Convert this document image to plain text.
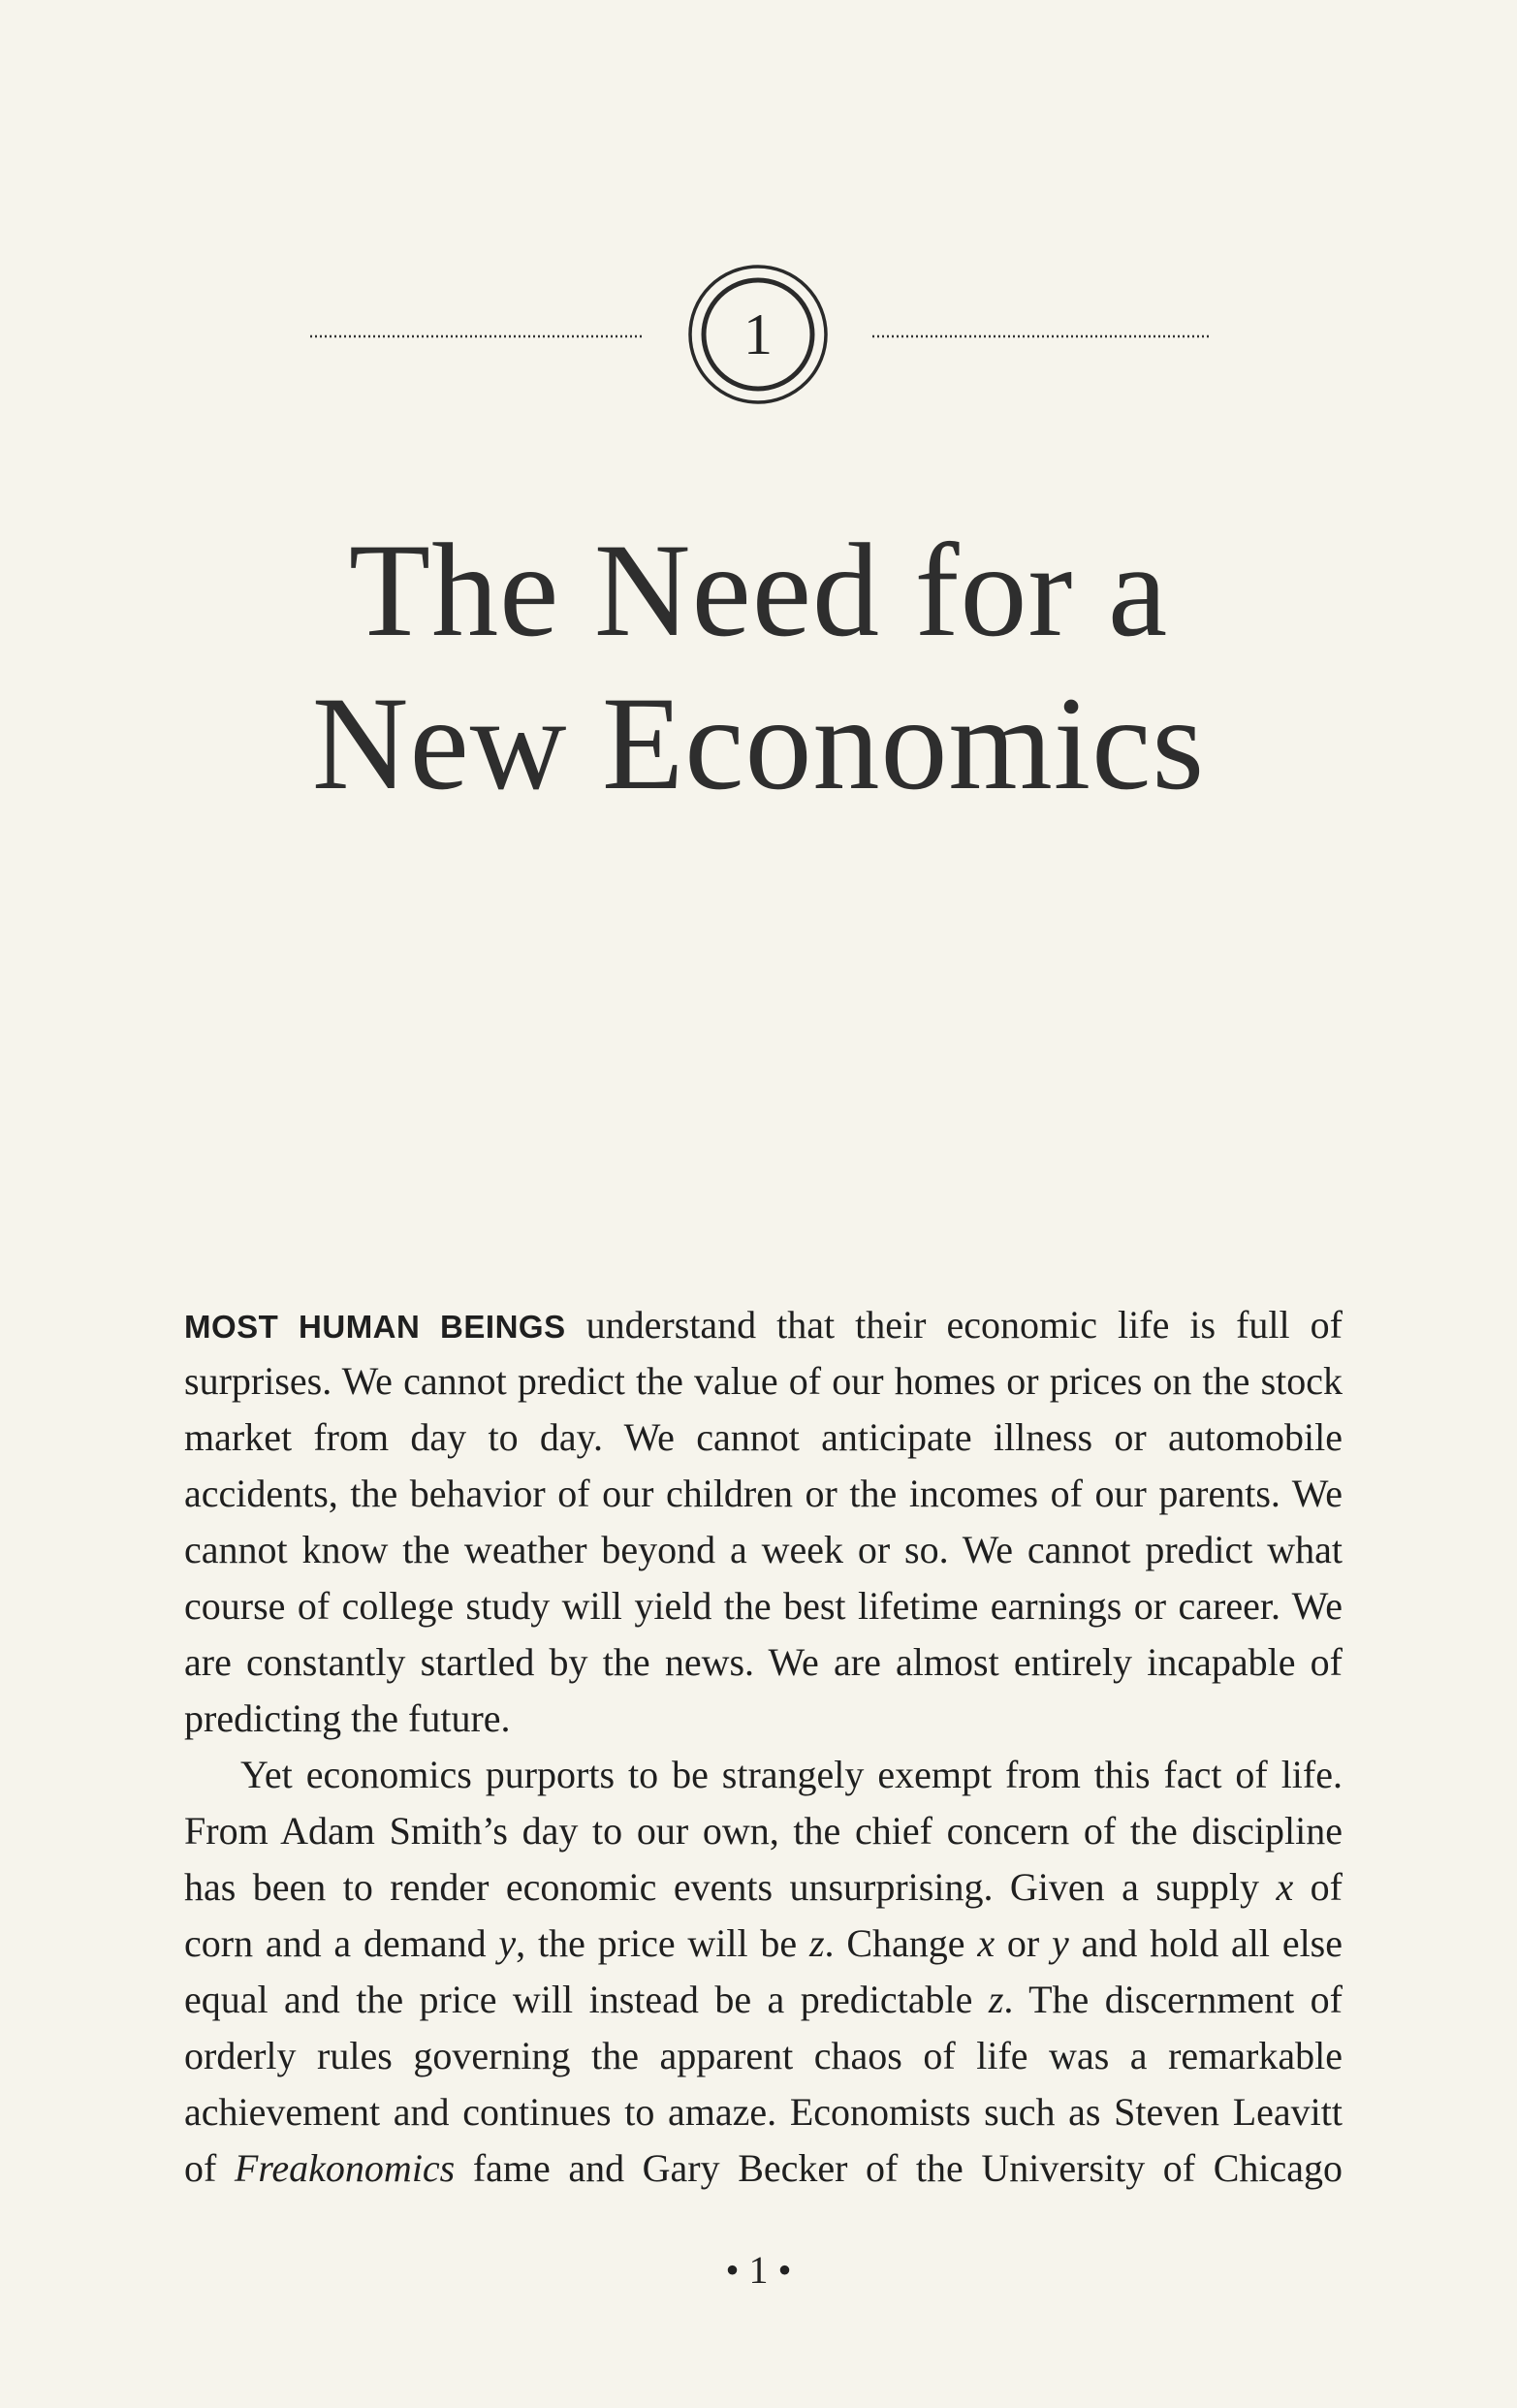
1
The Need for a
New Economics
MOST HUMAN BEINGS understand that their economic life is full of
surprises. We cannot predict the value of our homes or prices on the stock
market from day to day. We cannot anticipate illness or automobile
accidents, the behavior of our children or the incomes of our parents. We
cannot know the weather beyond a week or so. We cannot predict what
course of college study will yield the best lifetime earnings or career. We
are constantly startled by the news. We are almost entirely incapable of
predicting the future.
Yet economics purports to be strangely exempt from this fact of life.
From Adam Smith’s day to our own, the chief concern of the discipline
has been to render economic events unsurprising. Given a supply x of
corn and a demand y, the price will be z. Change x or y and hold all else
equal and the price will instead be a predictable z. The discernment of
orderly rules governing the apparent chaos of life was a remarkable
achievement and continues to amaze. Economists such as Steven Leavitt
of Freakonomics fame and Gary Becker of the University of Chicago
• 1 •
